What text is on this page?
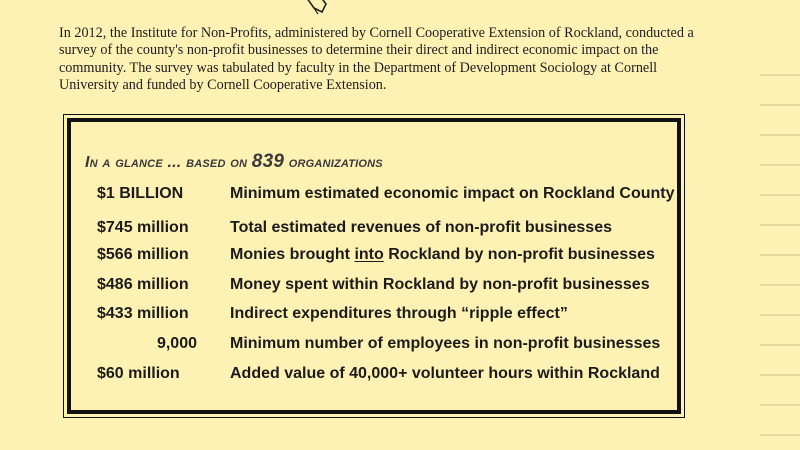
In 2012, the Institute for Non-Profits, administered by Cornell Cooperative Extension of Rockland, conducted a survey of the county's non-profit businesses to determine their direct and indirect economic impact on the community. The survey was tabulated by faculty in the Department of Development Sociology at Cornell University and funded by Cornell Cooperative Extension.

In a glance ... based on 839 organizations

$1 BILLION	Minimum estimated economic impact on Rockland County
$745 million	Total estimated revenues of non-profit businesses
$566 million	Monies brought into Rockland by non-profit businesses
$486 million	Money spent within Rockland by non-profit businesses
$433 million	Indirect expenditures through “ripple effect”
9,000 Minimum number of employees in non-profit businesses
$60 million	Added value of 40,000+ volunteer hours within Rockland
